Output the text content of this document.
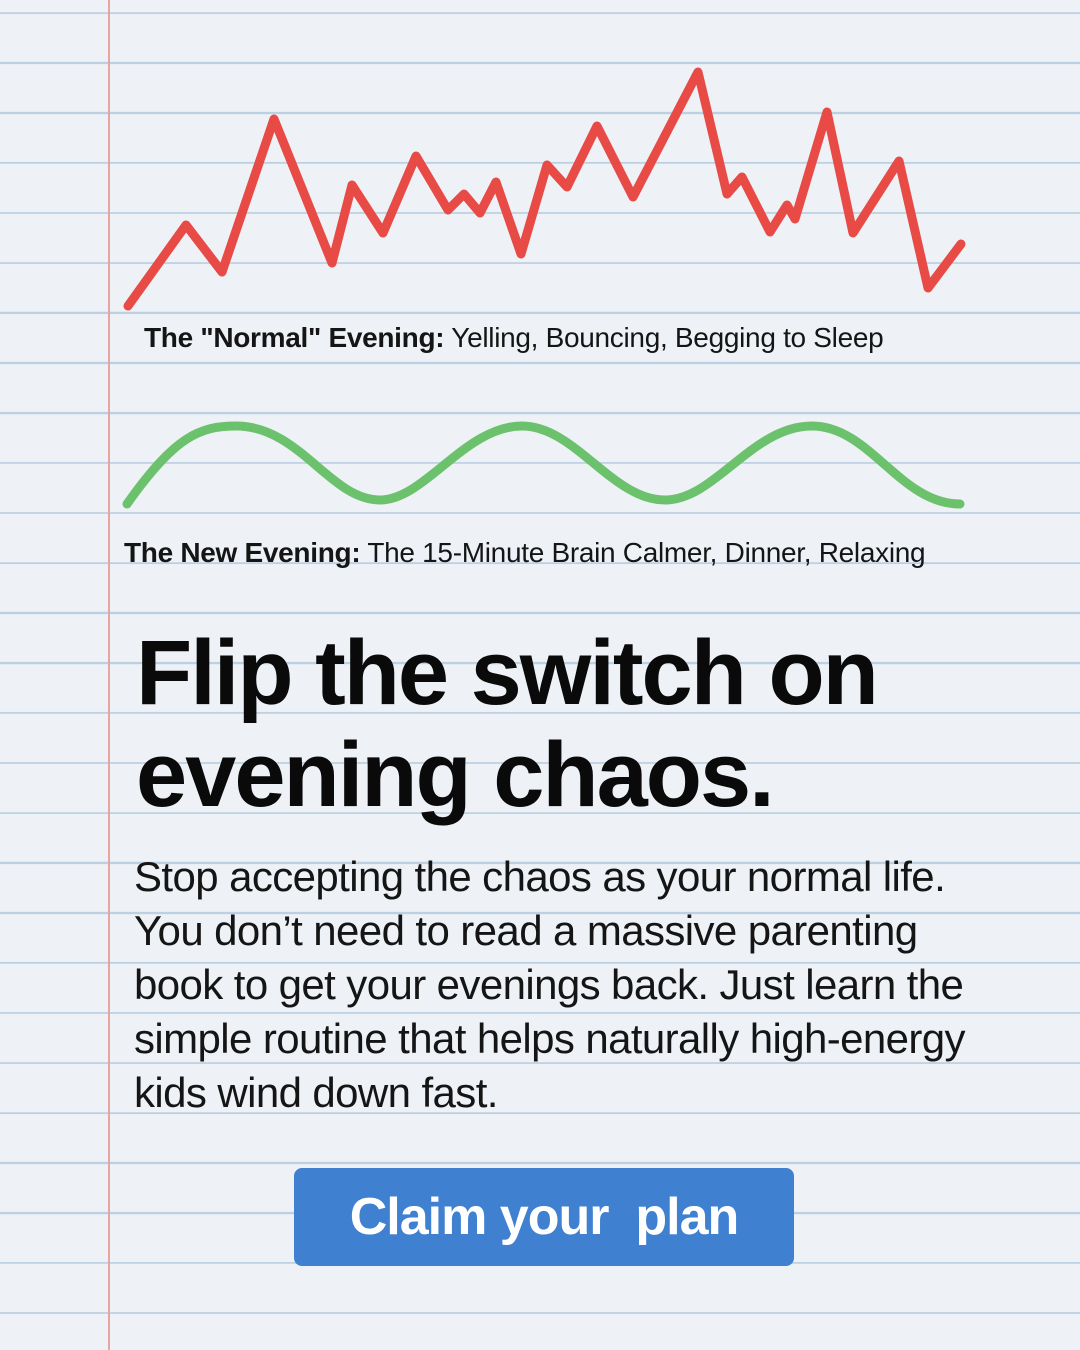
The "Normal" Evening: Yelling, Bouncing, Begging to Sleep
The New Evening: The 15-Minute Brain Calmer, Dinner, Relaxing
Flip the switch on evening chaos.

Stop accepting the chaos as your normal life. You don’t need to read a massive parenting book to get your evenings back. Just learn the simple routine that helps naturally high-energy kids wind down fast.

Claim your  plan
